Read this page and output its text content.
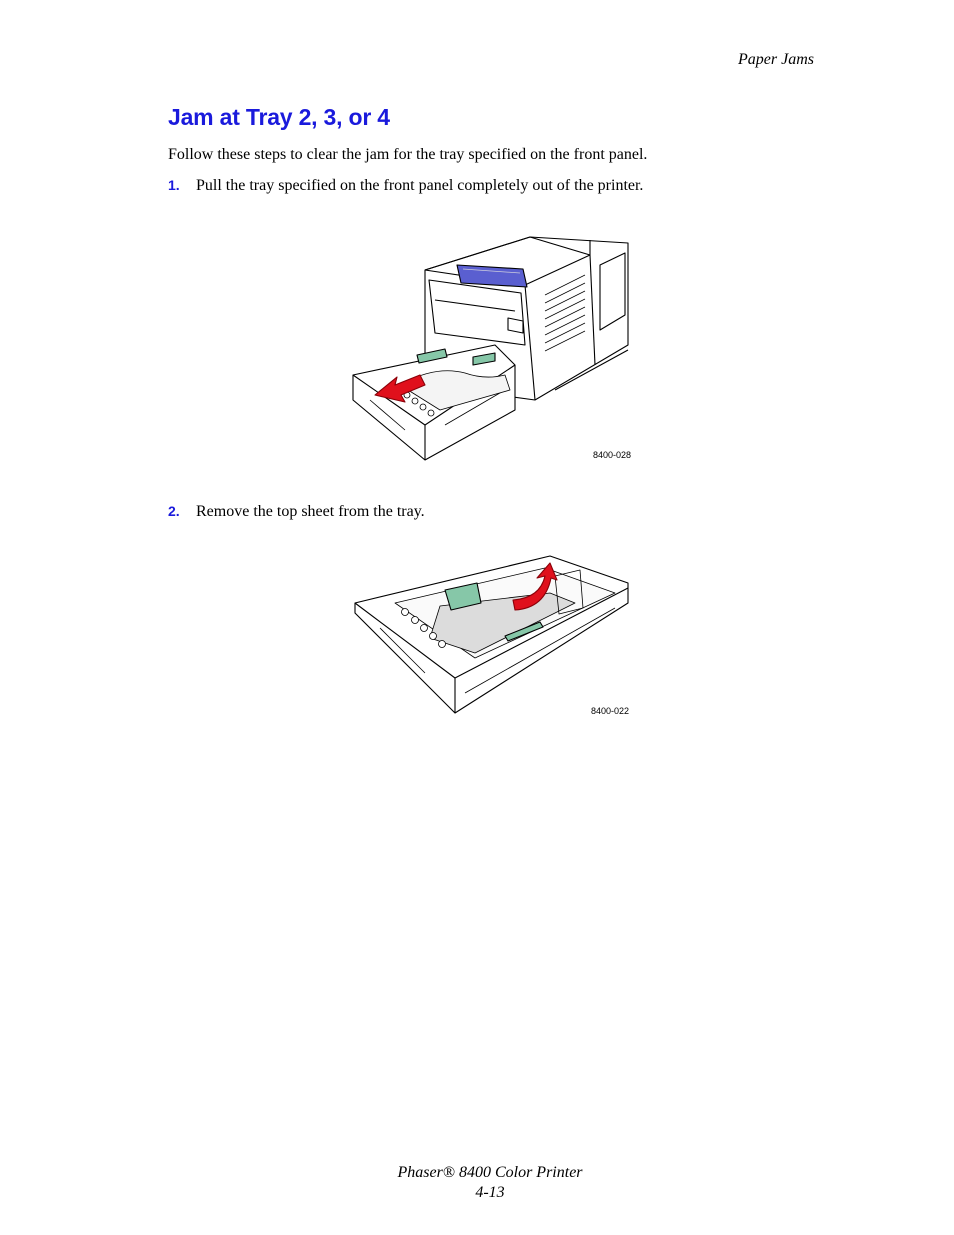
Paper Jams
Jam at Tray 2, 3, or 4
Follow these steps to clear the jam for the tray specified on the front panel.
1. Pull the tray specified on the front panel completely out of the printer.
8400-028
2. Remove the top sheet from the tray.
8400-022
Phaser® 8400 Color Printer
4-13
